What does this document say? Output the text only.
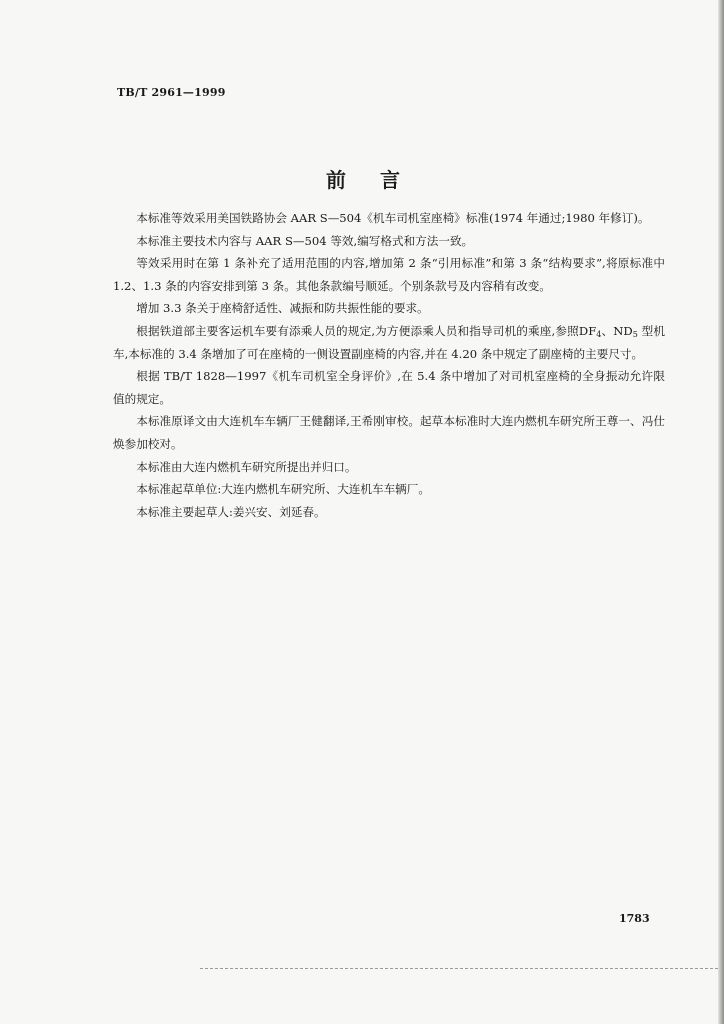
TB/T 2961—1999
前言

本标准等效采用美国铁路协会 AAR S—504《机车司机室座椅》标准(1974 年通过;1980 年修订)。

本标准主要技术内容与 AAR S—504 等效,编写格式和方法一致。

等效采用时在第 1 条补充了适用范围的内容,增加第 2 条“引用标准”和第 3 条“结构要求”,将原标准中 1.2、1.3 条的内容安排到第 3 条。其他条款编号顺延。个别条款号及内容稍有改变。

增加 3.3 条关于座椅舒适性、减振和防共振性能的要求。

根据铁道部主要客运机车要有添乘人员的规定,为方便添乘人员和指导司机的乘座,参照$DF_4$、$ND_5$ 型机车,本标准的 3.4 条增加了可在座椅的一侧设置副座椅的内容,并在 4.20 条中规定了副座椅的主要尺寸。

根据 TB/T 1828—1997《机车司机室全身评价》,在 5.4 条中增加了对司机室座椅的全身振动允许限值的规定。

本标准原译文由大连机车车辆厂王健翻译,王希刚审校。起草本标准时大连内燃机车研究所王尊一、冯仕焕参加校对。

本标准由大连内燃机车研究所提出并归口。

本标准起草单位:大连内燃机车研究所、大连机车车辆厂。

本标准主要起草人:姜兴安、刘延春。

1783
